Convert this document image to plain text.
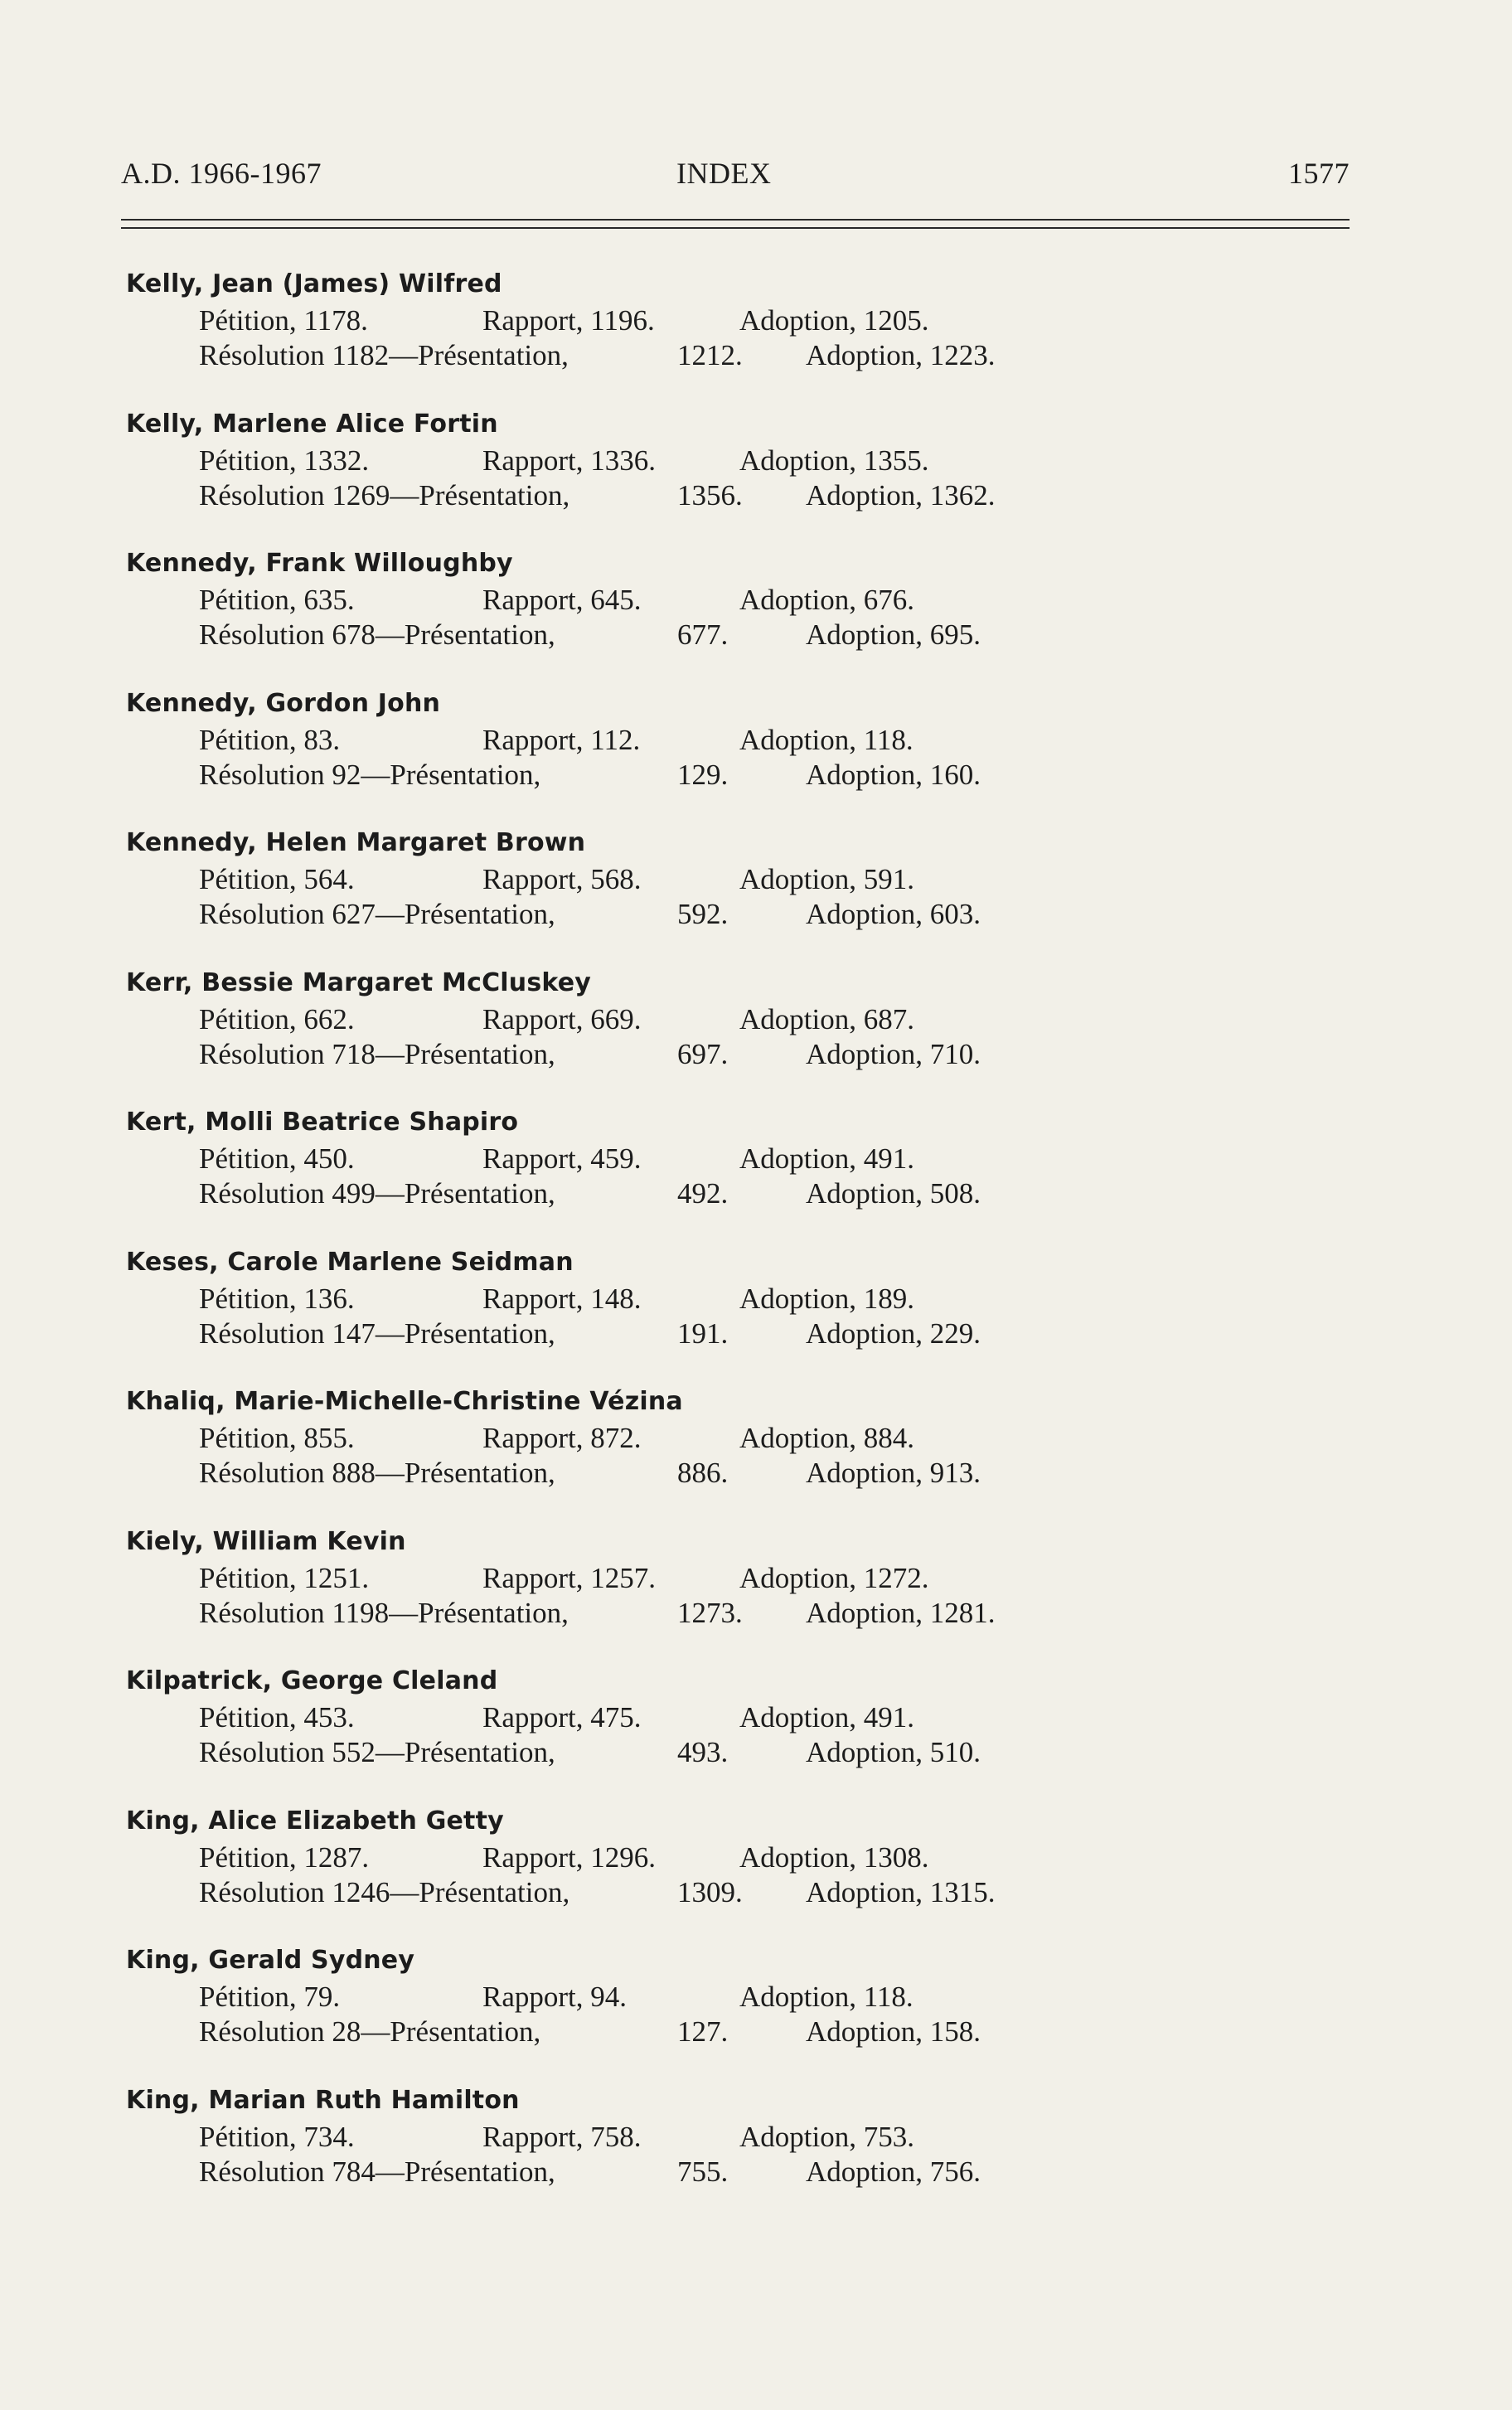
A.D. 1966-1967	INDEX	1577
Kelly, Jean (James) Wilfred
Pétition, 1178.	Rapport, 1196.	Adoption, 1205.
Résolution 1182—Présentation,	1212. Adoption, 1223.
Kelly, Marlene Alice Fortin
Pétition, 1332.	Rapport, 1336.	Adoption, 1355.
Résolution 1269—Présentation,	1356. Adoption, 1362.
Kennedy, Frank Willoughby
Pétition, 635.	Rapport, 645.	Adoption, 676.
Résolution 678—Présentation,	677.	Adoption, 695.
Kennedy, Gordon John
Pétition, 83.	Rapport, 112.	Adoption, 118.
Résolution 92—Présentation,	129.	Adoption, 160.
Kennedy, Helen Margaret Brown
Pétition, 564.	Rapport, 568.	Adoption, 591.
Résolution 627—Présentation,	592.	Adoption, 603.
Kerr, Bessie Margaret McCluskey
Pétition, 662.	Rapport, 669.	Adoption, 687.
Résolution 718—Présentation,	697.	Adoption, 710.
Kert, Molli Beatrice Shapiro
Pétition, 450.	Rapport, 459.	Adoption, 491.
Résolution 499—Présentation,	492.	Adoption, 508.
Keses, Carole Marlene Seidman
Pétition, 136.	Rapport, 148.	Adoption, 189.
Résolution 147—Présentation,	191.	Adoption, 229.
Khaliq, Marie-Michelle-Christine Vézina
Pétition, 855.	Rapport, 872.	Adoption, 884.
Résolution 888—Présentation,	886.	Adoption, 913.
Kiely, William Kevin
Pétition, 1251.	Rapport, 1257.	Adoption, 1272.
Résolution 1198—Présentation,	1273. Adoption, 1281.
Kilpatrick, George Cleland
Pétition, 453.	Rapport, 475.	Adoption, 491.
Résolution 552—Présentation,	493.	Adoption, 510.
King, Alice Elizabeth Getty
Pétition, 1287.	Rapport, 1296.	Adoption, 1308.
Résolution 1246—Présentation,	1309. Adoption, 1315.
King, Gerald Sydney
Pétition, 79.	Rapport, 94.	Adoption, 118.
Résolution 28—Présentation,	127.	Adoption, 158.
King, Marian Ruth Hamilton
Pétition, 734.	Rapport, 758.	Adoption, 753.
Résolution 784—Présentation,	755.	Adoption, 756.
